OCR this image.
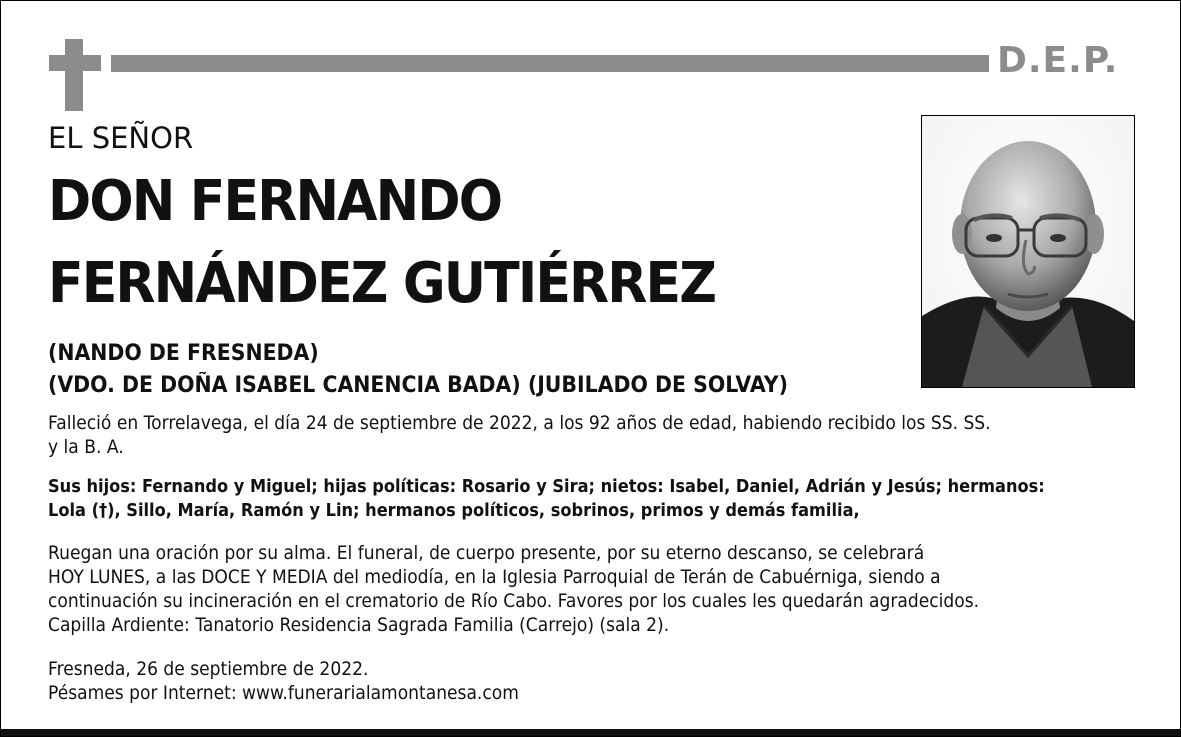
D.E.P.
EL SEÑOR
DON FERNANDO
FERNÁNDEZ GUTIÉRREZ
(NANDO DE FRESNEDA)
(VDO. DE DOÑA ISABEL CANENCIA BADA) (JUBILADO DE SOLVAY)
Falleció en Torrelavega, el día 24 de septiembre de 2022, a los 92 años de edad, habiendo recibido los SS. SS.
y la B. A.
Sus hijos: Fernando y Miguel; hijas políticas: Rosario y Sira; nietos: Isabel, Daniel, Adrián y Jesús; hermanos:
Lola (†), Sillo, María, Ramón y Lin; hermanos políticos, sobrinos, primos y demás familia,
Ruegan una oración por su alma. El funeral, de cuerpo presente, por su eterno descanso, se celebrará
HOY LUNES, a las DOCE Y MEDIA del mediodía, en la Iglesia Parroquial de Terán de Cabuérniga, siendo a
continuación su incineración en el crematorio de Río Cabo. Favores por los cuales les quedarán agradecidos.
Capilla Ardiente: Tanatorio Residencia Sagrada Familia (Carrejo) (sala 2).
Fresneda, 26 de septiembre de 2022.
Pésames por Internet: www.funerarialamontanesa.com
